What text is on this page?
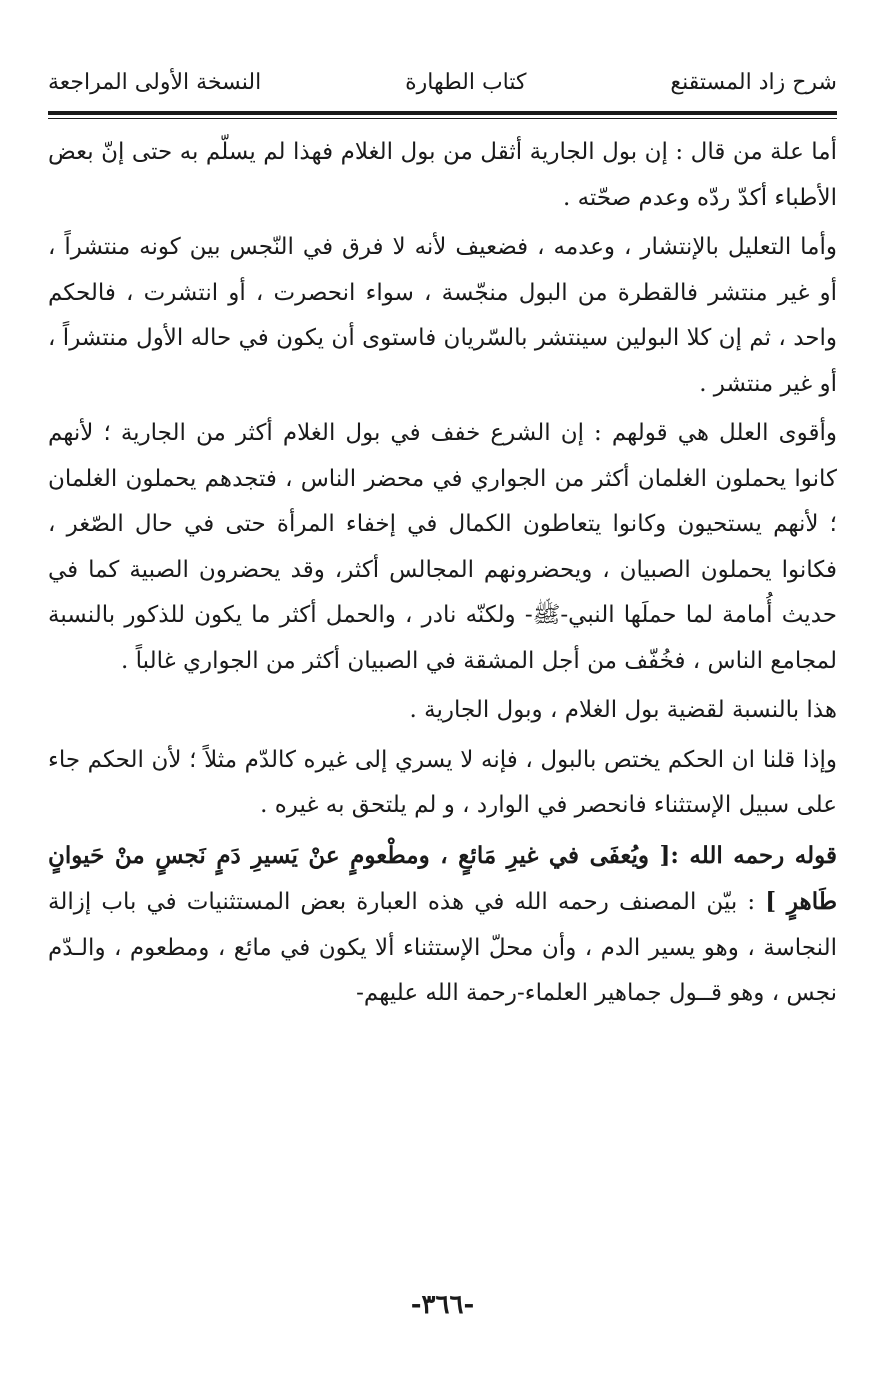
شرح زاد المستقنع
كتاب الطهارة
النسخة الأولى المراجعة

أما علة من قال : إن بول الجارية أثقل من بول الغلام فهذا لم يسلّم به حتى إنّ بعض الأطباء أكدّ ردّه وعدم صحّته .

وأما التعليل بالإنتشار ، وعدمه ، فضعيف لأنه لا فرق في النّجس بين كونه منتشراً ، أو غير منتشر فالقطرة من البول منجّسة ، سواء انحصرت ، أو انتشرت ، فالحكم واحد ، ثم إن كلا البولين سينتشر بالسّريان فاستوى أن يكون في حاله الأول منتشراً ، أو غير منتشر .

وأقوى العلل هي قولهم : إن الشرع خفف في بول الغلام أكثر من الجارية ؛ لأنهم كانوا يحملون الغلمان أكثر من الجواري في محضر الناس ، فتجدهم يحملون الغلمان ؛ لأنهم يستحيون وكانوا يتعاطون الكمال في إخفاء المرأة حتى في حال الصّغر ، فكانوا يحملون الصبيان ، ويحضرونهم المجالس أكثر، وقد يحضرون الصبية كما في حديث أُمامة لما حملَها النبي-ﷺ- ولكنّه نادر ، والحمل أكثر ما يكون للذكور بالنسبة لمجامع الناس ، فخُفّف من أجل المشقة في الصبيان أكثر من الجواري غالباً .

هذا بالنسبة لقضية بول الغلام ، وبول الجارية .

وإذا قلنا ان الحكم يختص بالبول ، فإنه لا يسري إلى غيره كالدّم مثلاً ؛ لأن الحكم جاء على سبيل الإستثناء فانحصر في الوارد ، و لم يلتحق به غيره .

قوله رحمه الله :[ ويُعفَى في غيرِ مَائعٍ ، ومطْعومٍ عنْ يَسيرِ دَمٍ نَجسٍ منْ حَيوانٍ طَاهرٍ ] : بيّن المصنف رحمه الله في هذه العبارة بعض المستثنيات في باب إزالة النجاسة ، وهو يسير الدم ، وأن محلّ الإستثناء ألا يكون في مائع ، ومطعوم ، والـدّم نجس ، وهو قــول جماهير العلماء-رحمة الله عليهم-

-٣٦٦-
